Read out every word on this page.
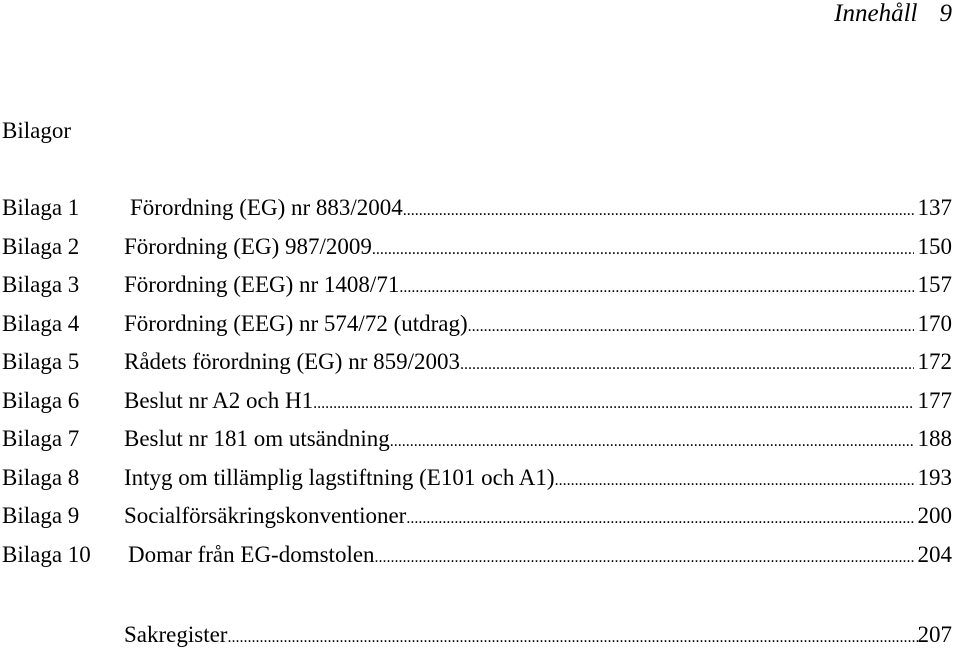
Innehåll 9
Bilagor
Bilaga 1	Förordning (EG) nr 883/2004 .....	137
Bilaga 2	Förordning (EG) 987/2009 .....	150
Bilaga 3	Förordning (EEG) nr 1408/71 .....	157
Bilaga 4	Förordning (EEG) nr 574/72 (utdrag) .....	170
Bilaga 5	Rådets förordning (EG) nr 859/2003 .....	172
Bilaga 6	Beslut nr A2 och H1 .....	177
Bilaga 7	Beslut nr 181 om utsändning .....	188
Bilaga 8	Intyg om tillämplig lagstiftning (E101 och A1) .....	193
Bilaga 9	Socialförsäkringskonventioner .....	200
Bilaga 10	Domar från EG-domstolen .....	204
Sakregister .....	207
